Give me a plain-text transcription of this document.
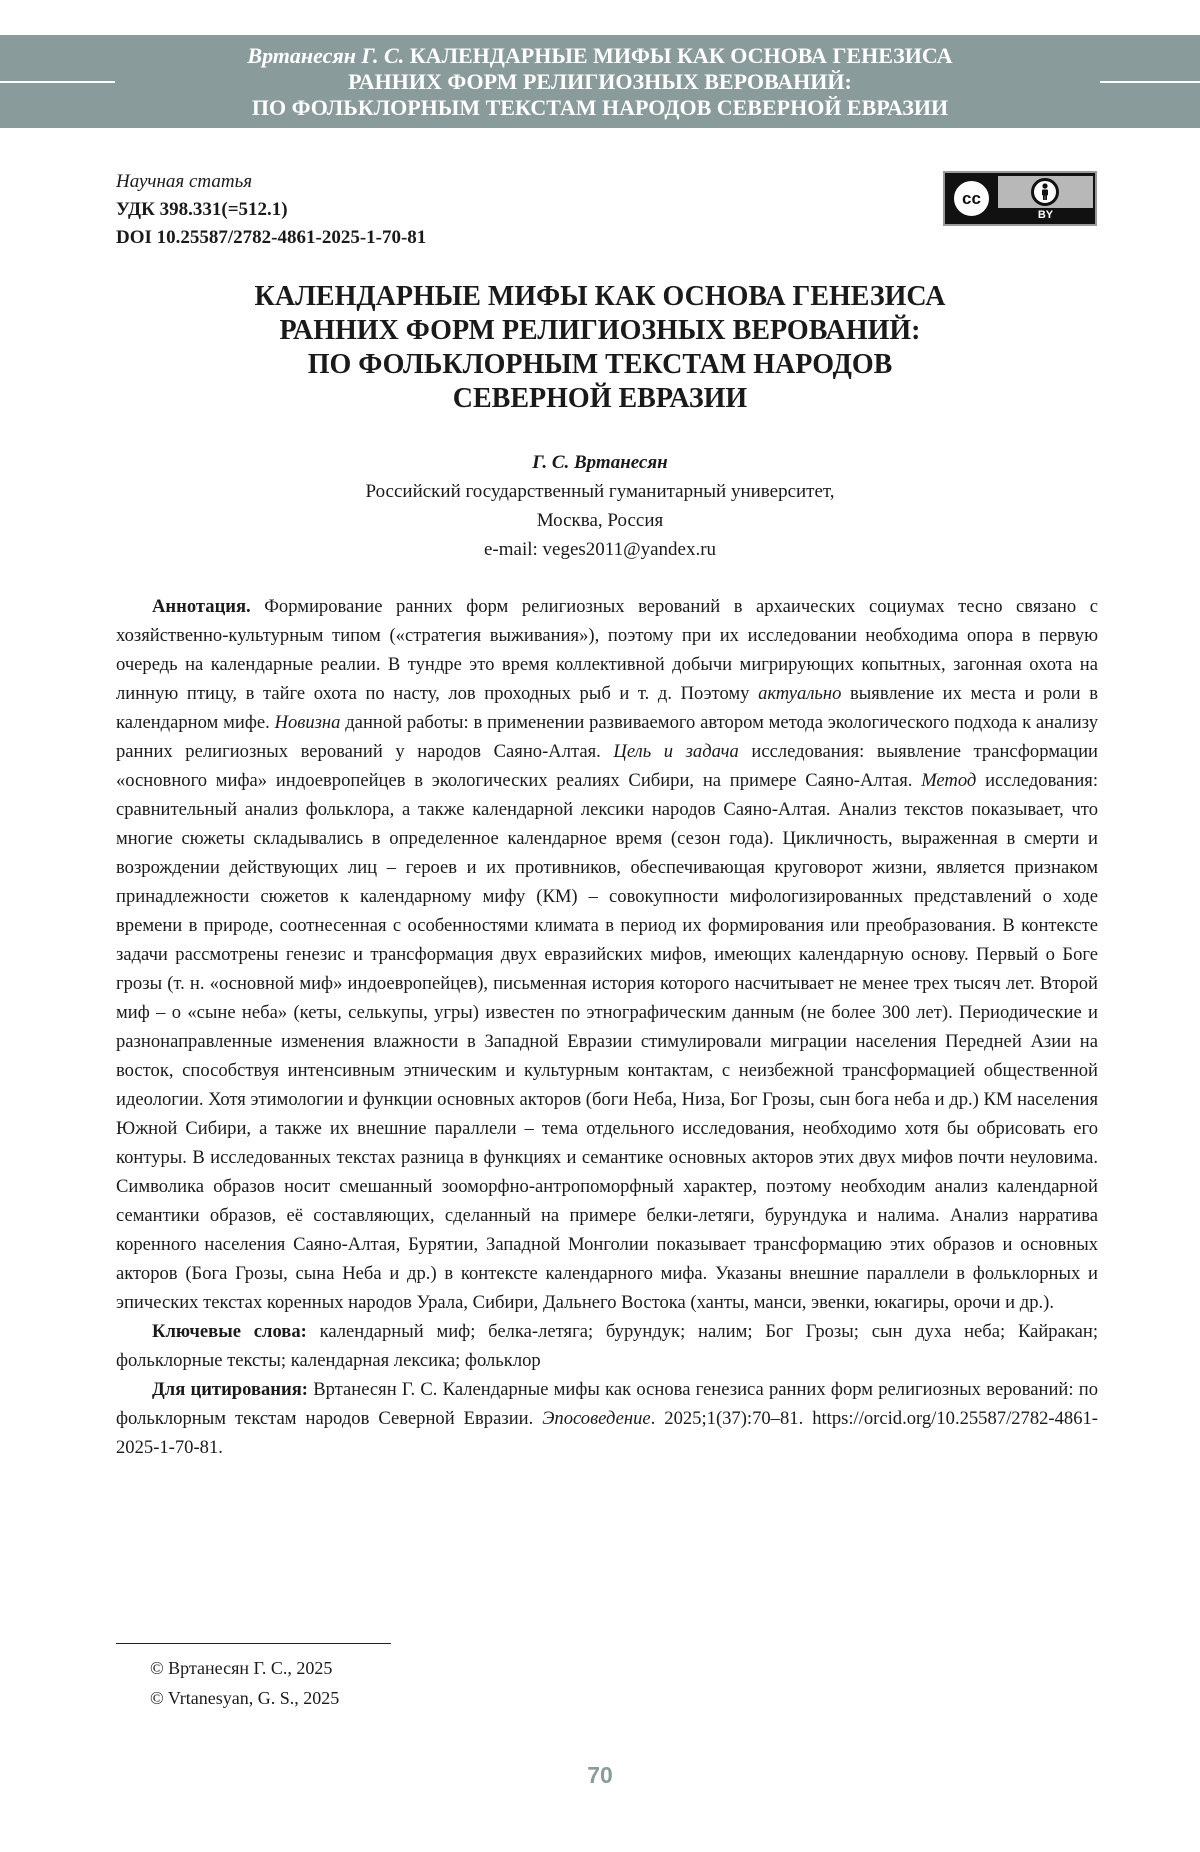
Вртанесян Г. С. КАЛЕНДАРНЫЕ МИФЫ КАК ОСНОВА ГЕНЕЗИСА
РАННИХ ФОРМ РЕЛИГИОЗНЫХ ВЕРОВАНИЙ:
ПО ФОЛЬКЛОРНЫМ ТЕКСТАМ НАРОДОВ СЕВЕРНОЙ ЕВРАЗИИ
Научная статья
УДК 398.331(=512.1)
DOI 10.25587/2782-4861-2025-1-70-81
cc
BY
КАЛЕНДАРНЫЕ МИФЫ КАК ОСНОВА ГЕНЕЗИСА
РАННИХ ФОРМ РЕЛИГИОЗНЫХ ВЕРОВАНИЙ:
ПО ФОЛЬКЛОРНЫМ ТЕКСТАМ НАРОДОВ
СЕВЕРНОЙ ЕВРАЗИИ
Г. С. Вртанесян
Российский государственный гуманитарный университет,
Москва, Россия
e-mail: veges2011@yandex.ru

Аннотация. Формирование ранних форм религиозных верований в архаических социумах тесно связано с хозяйственно-культурным типом («стратегия выживания»), поэтому при их исследовании необходима опора в первую очередь на календарные реалии. В тундре это время коллективной добычи мигрирующих копытных, загонная охота на линную птицу, в тайге охота по насту, лов проходных рыб и т. д. Поэтому актуально выявление их места и роли в календарном мифе. Новизна данной работы: в применении развиваемого автором метода экологического подхода к анализу ранних религиозных верований у народов Саяно-Алтая. Цель и задача исследования: выявление трансформации «основного мифа» индоевропейцев в экологических реалиях Сибири, на примере Саяно-Алтая. Метод исследования: сравнительный анализ фольклора, а также календарной лексики народов Саяно-Алтая. Анализ текстов показывает, что многие сюжеты складывались в определенное календарное время (сезон года). Цикличность, выраженная в смерти и возрождении действующих лиц – героев и их противников, обеспечивающая круговорот жизни, является признаком принадлежности сюжетов к календарному мифу (КМ) – совокупности мифологизированных представлений о ходе времени в природе, соотнесенная с особенностями климата в период их формирования или преобразования. В контексте задачи рассмотрены генезис и трансформация двух евразийских мифов, имеющих календарную основу. Первый о Боге грозы (т. н. «основной миф» индоевропейцев), письменная история которого насчитывает не менее трех тысяч лет. Второй миф – о «сыне неба» (кеты, селькупы, угры) известен по этнографическим данным (не более 300 лет). Периодические и разнонаправленные изменения влажности в Западной Евразии стимулировали миграции населения Передней Азии на восток, способствуя интенсивным этническим и культурным контактам, с неизбежной трансформацией общественной идеологии. Хотя этимологии и функции основных акторов (боги Неба, Низа, Бог Грозы, сын бога неба и др.) КМ населения Южной Сибири, а также их внешние параллели – тема отдельного исследования, необходимо хотя бы обрисовать его контуры. В исследованных текстах разница в функциях и семантике основных акторов этих двух мифов почти неуловима. Символика образов носит смешанный зооморфно-антропоморфный характер, поэтому необходим анализ календарной семантики образов, её составляющих, сделанный на примере белки-летяги, бурундука и налима. Анализ нарратива коренного населения Саяно-Алтая, Бурятии, Западной Монголии показывает трансформацию этих образов и основных акторов (Бога Грозы, сына Неба и др.) в контексте календарного мифа. Указаны внешние параллели в фольклорных и эпических текстах коренных народов Урала, Сибири, Дальнего Востока (ханты, манси, эвенки, юкагиры, орочи и др.).

Ключевые слова: календарный миф; белка-летяга; бурундук; налим; Бог Грозы; сын духа неба; Кайракан; фольклорные тексты; календарная лексика; фольклор

Для цитирования: Вртанесян Г. С. Календарные мифы как основа генезиса ранних форм религиозных верований: по фольклорным текстам народов Северной Евразии. Эпосоведение. 2025;1(37):70–81. https://orcid.org/10.25587/2782-4861-2025-1-70-81.

© Вртанесян Г. С., 2025
© Vrtanesyan, G. S., 2025
70
